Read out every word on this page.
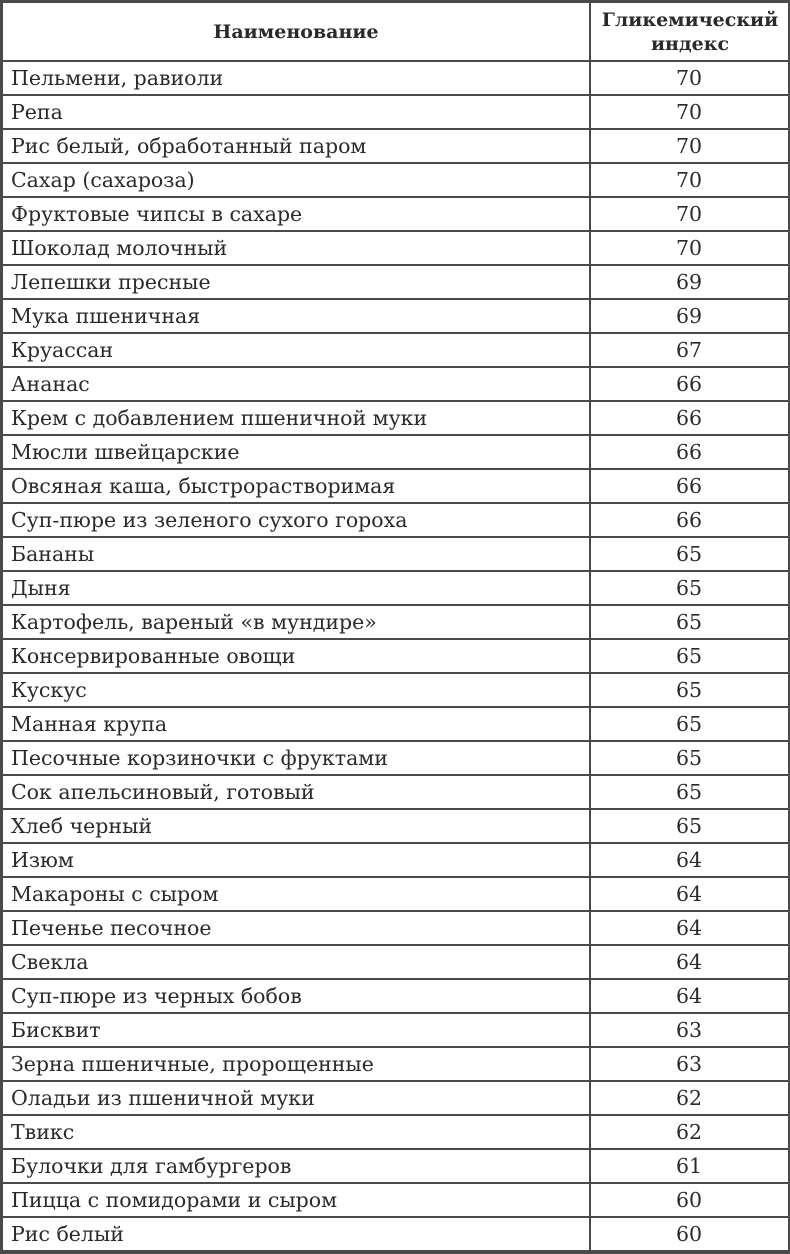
Наименование	Гликемический индекс
Пельмени, равиоли	70
Репа	70
Рис белый, обработанный паром	70
Сахар (сахароза)	70
Фруктовые чипсы в сахаре	70
Шоколад молочный	70
Лепешки пресные	69
Мука пшеничная	69
Круассан	67
Ананас	66
Крем с добавлением пшеничной муки	66
Мюсли швейцарские	66
Овсяная каша, быстрорастворимая	66
Суп-пюре из зеленого сухого гороха	66
Бананы	65
Дыня	65
Картофель, вареный «в мундире»	65
Консервированные овощи	65
Кускус	65
Манная крупа	65
Песочные корзиночки с фруктами	65
Сок апельсиновый, готовый	65
Хлеб черный	65
Изюм	64
Макароны с сыром	64
Печенье песочное	64
Свекла	64
Суп-пюре из черных бобов	64
Бисквит	63
Зерна пшеничные, пророщенные	63
Оладьи из пшеничной муки	62
Твикс	62
Булочки для гамбургеров	61
Пицца с помидорами и сыром	60
Рис белый	60
